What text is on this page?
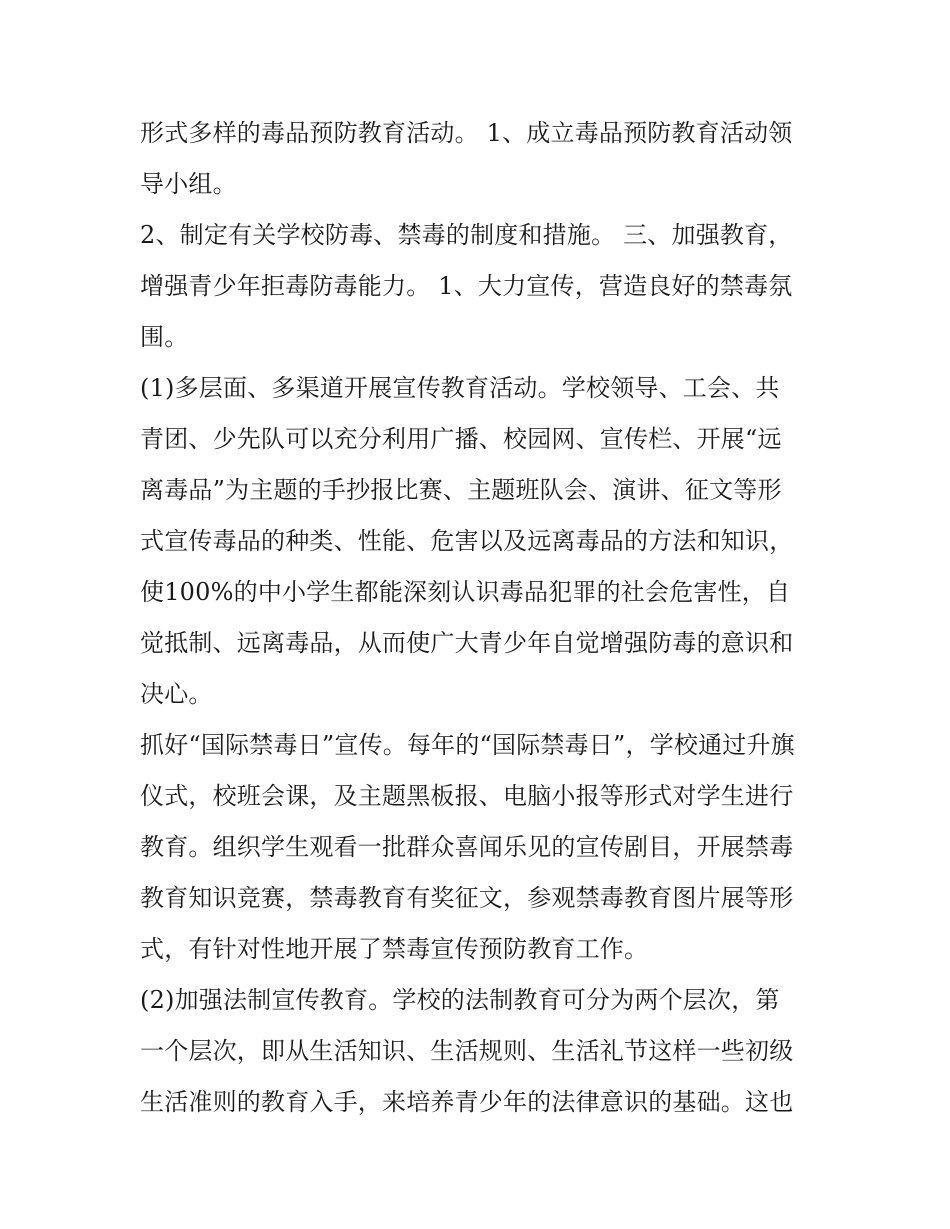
形式多样的毒品预防教育活动。 1、成立毒品预防教育活动领
导小组。
2、制定有关学校防毒、禁毒的制度和措施。 三、加强教育，
增强青少年拒毒防毒能力。 1、大力宣传，营造良好的禁毒氛
围。
(1)多层面、多渠道开展宣传教育活动。学校领导、工会、共
青团、少先队可以充分利用广播、校园网、宣传栏、开展“远
离毒品”为主题的手抄报比赛、主题班队会、演讲、征文等形
式宣传毒品的种类、性能、危害以及远离毒品的方法和知识，
使100%的中小学生都能深刻认识毒品犯罪的社会危害性，自
觉抵制、远离毒品，从而使广大青少年自觉增强防毒的意识和
决心。
抓好“国际禁毒日”宣传。每年的“国际禁毒日”，学校通过升旗
仪式，校班会课，及主题黑板报、电脑小报等形式对学生进行
教育。组织学生观看一批群众喜闻乐见的宣传剧目，开展禁毒
教育知识竞赛，禁毒教育有奖征文，参观禁毒教育图片展等形
式，有针对性地开展了禁毒宣传预防教育工作。
(2)加强法制宣传教育。学校的法制教育可分为两个层次，第
一个层次，即从生活知识、生活规则、生活礼节这样一些初级
生活准则的教育入手，来培养青少年的法律意识的基础。这也
